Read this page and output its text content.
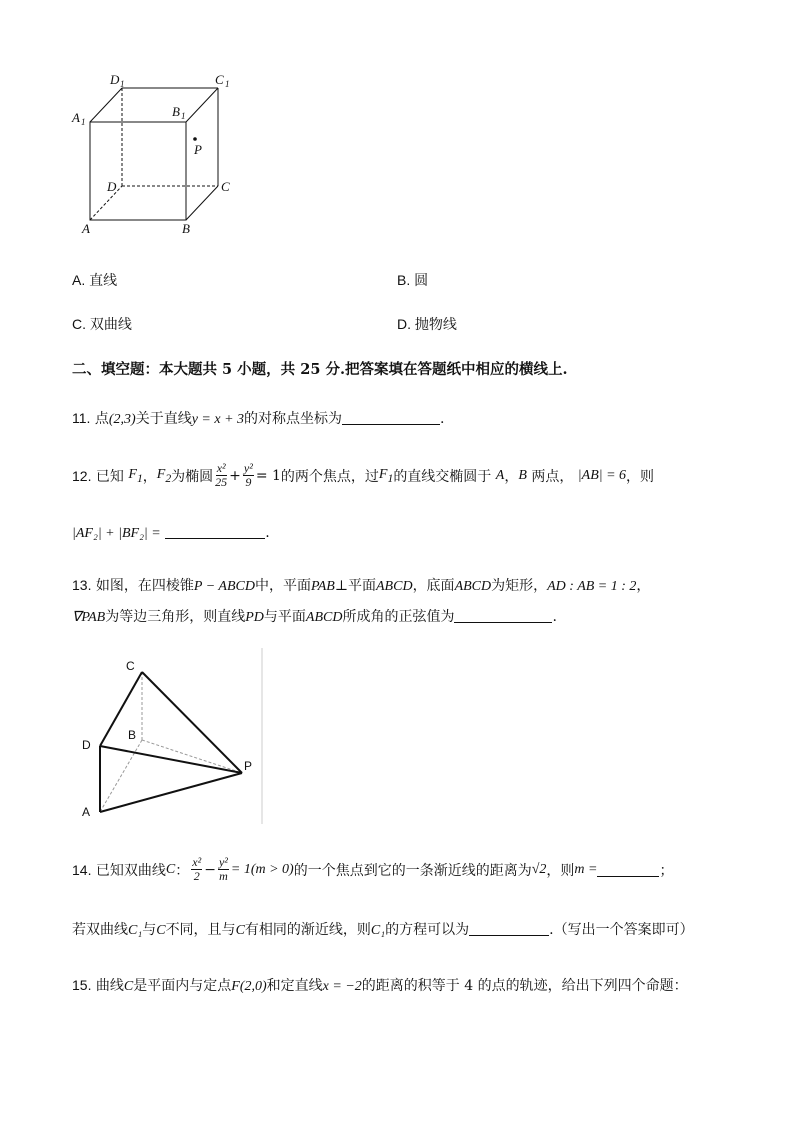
D 1	C 1
A 1
B 1
P
D	C
A	B
A. 直线	B. 圆
C. 双曲线	D. 抛物线
二、填空题：本大题共 5 小题，共 25 分.把答案填在答题纸中相应的横线上.
11. 点(2,3)关于直线y = x + 3的对称点坐标为	.
12.
已知
$F_1$ ， $F_2$ 为椭圆 $\frac{\text{x²}}{25} + \frac{\text{y²}}{9} = 1$ 的两个焦点，过 $F_1$ 的直线交椭圆于
A ， B
两点，
|AB| = 6 ，则
|AF₂| + |BF₂| =	.
13. 如图，在四棱锥P − ABCD中，平面PAB⊥平面ABCD，底面ABCD为矩形，AD : AB = 1 : 2，
∇PAB为等边三角形，则直线PD与平面ABCD所成角的正弦值为	.
C
D
B
A
P
14.
已知双曲线 C ： $\frac{\text{x²}}{2} - \frac{\text{y²}}{m} = 1(m > 0)$ 的一个焦点到它的一条渐近线的距离为 √2 ，则 m =	；
若双曲线C₁与C不同，且与C有相同的渐近线，则C₁的方程可以为	.（写出一个答案即可）
15. 曲线C是平面内与定点F(2,0)和定直线x = −2的距离的积等于 4 的点的轨迹，给出下列四个命题：
